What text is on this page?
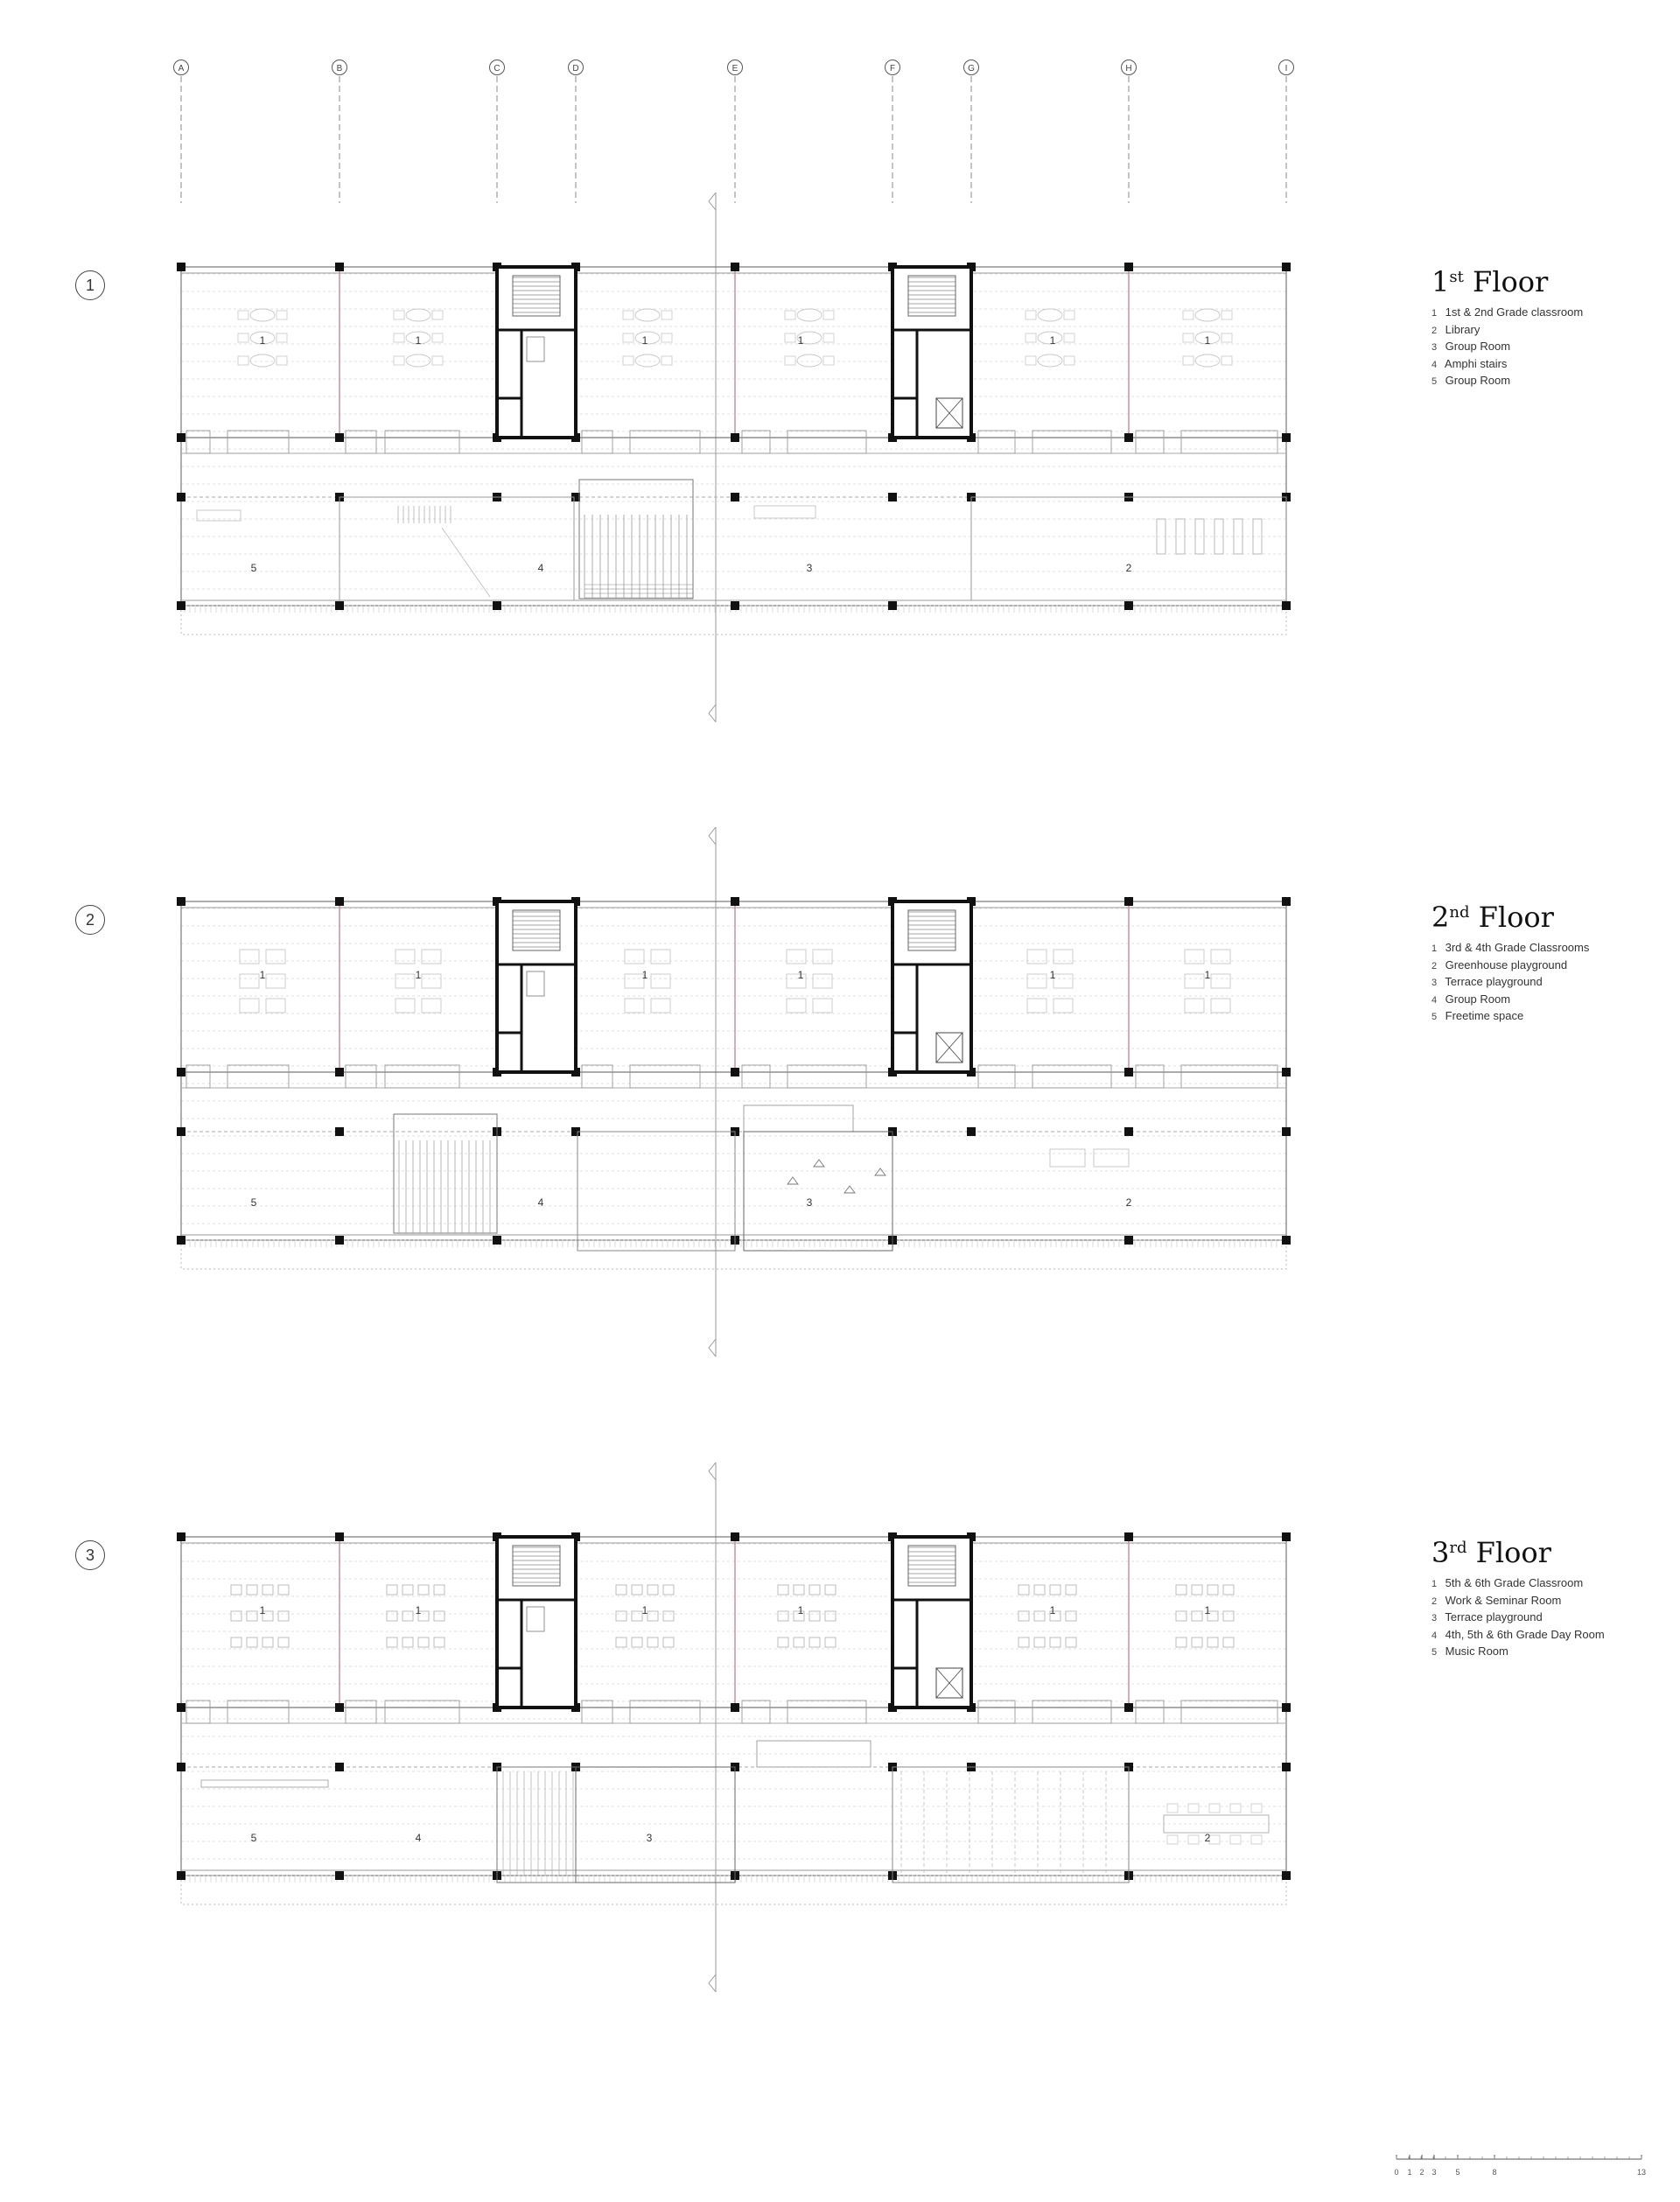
A	B	C	D	E	F	G	H	I
1	1	1	1	1	1
5	4	3	2
1	1	1	1	1	1
5	4	3	2
1	1	1	1	1	1
5	4	3	2
1st Floor
1 1st & 2nd Grade classroom
2 Library
3 Group Room
4 Amphi stairs
5 Group Room
2nd Floor
1 3rd & 4th Grade Classrooms
2 Greenhouse playground
3 Terrace playground
4 Group Room
5 Freetime space
3rd Floor
1 5th & 6th Grade Classroom
2 Work & Seminar Room
3 Terrace playground
4 4th, 5th & 6th Grade Day Room
5 Music Room
1
2
3
0 1 2 3 5	8	13
